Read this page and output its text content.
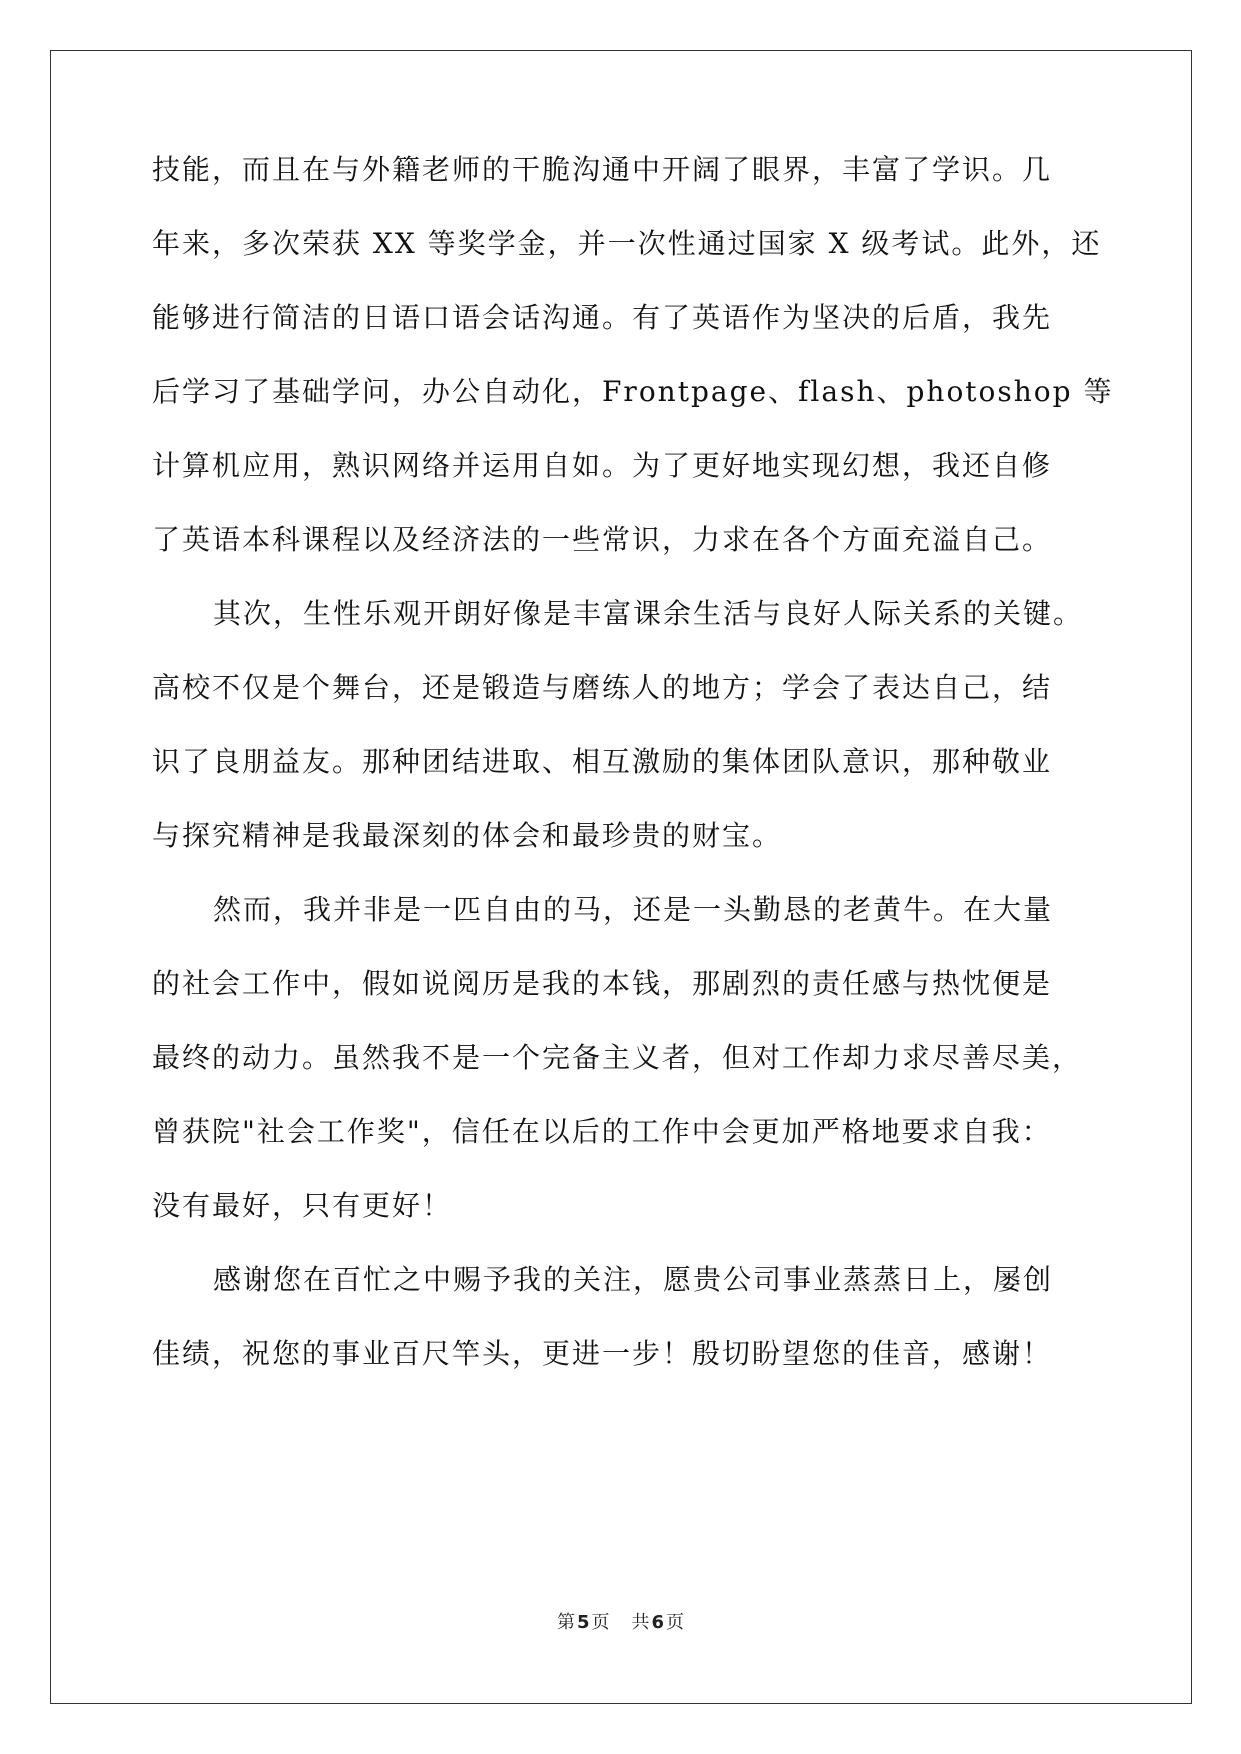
技能，而且在与外籍老师的干脆沟通中开阔了眼界，丰富了学识。几
年来，多次荣获 XX 等奖学金，并一次性通过国家 X 级考试。此外，还
能够进行简洁的日语口语会话沟通。有了英语作为坚决的后盾，我先
后学习了基础学问，办公自动化，Frontpage、flash、photoshop 等
计算机应用，熟识网络并运用自如。为了更好地实现幻想，我还自修
了英语本科课程以及经济法的一些常识，力求在各个方面充溢自己。
其次，生性乐观开朗好像是丰富课余生活与良好人际关系的关键。
高校不仅是个舞台，还是锻造与磨练人的地方；学会了表达自己，结
识了良朋益友。那种团结进取、相互激励的集体团队意识，那种敬业
与探究精神是我最深刻的体会和最珍贵的财宝。
然而，我并非是一匹自由的马，还是一头勤恳的老黄牛。在大量
的社会工作中，假如说阅历是我的本钱，那剧烈的责任感与热忱便是
最终的动力。虽然我不是一个完备主义者，但对工作却力求尽善尽美，
曾获院"社会工作奖"，信任在以后的工作中会更加严格地要求自我：
没有最好，只有更好！
感谢您在百忙之中赐予我的关注，愿贵公司事业蒸蒸日上，屡创
佳绩，祝您的事业百尺竿头，更进一步！殷切盼望您的佳音，感谢！
第 5 页 共 6 页
